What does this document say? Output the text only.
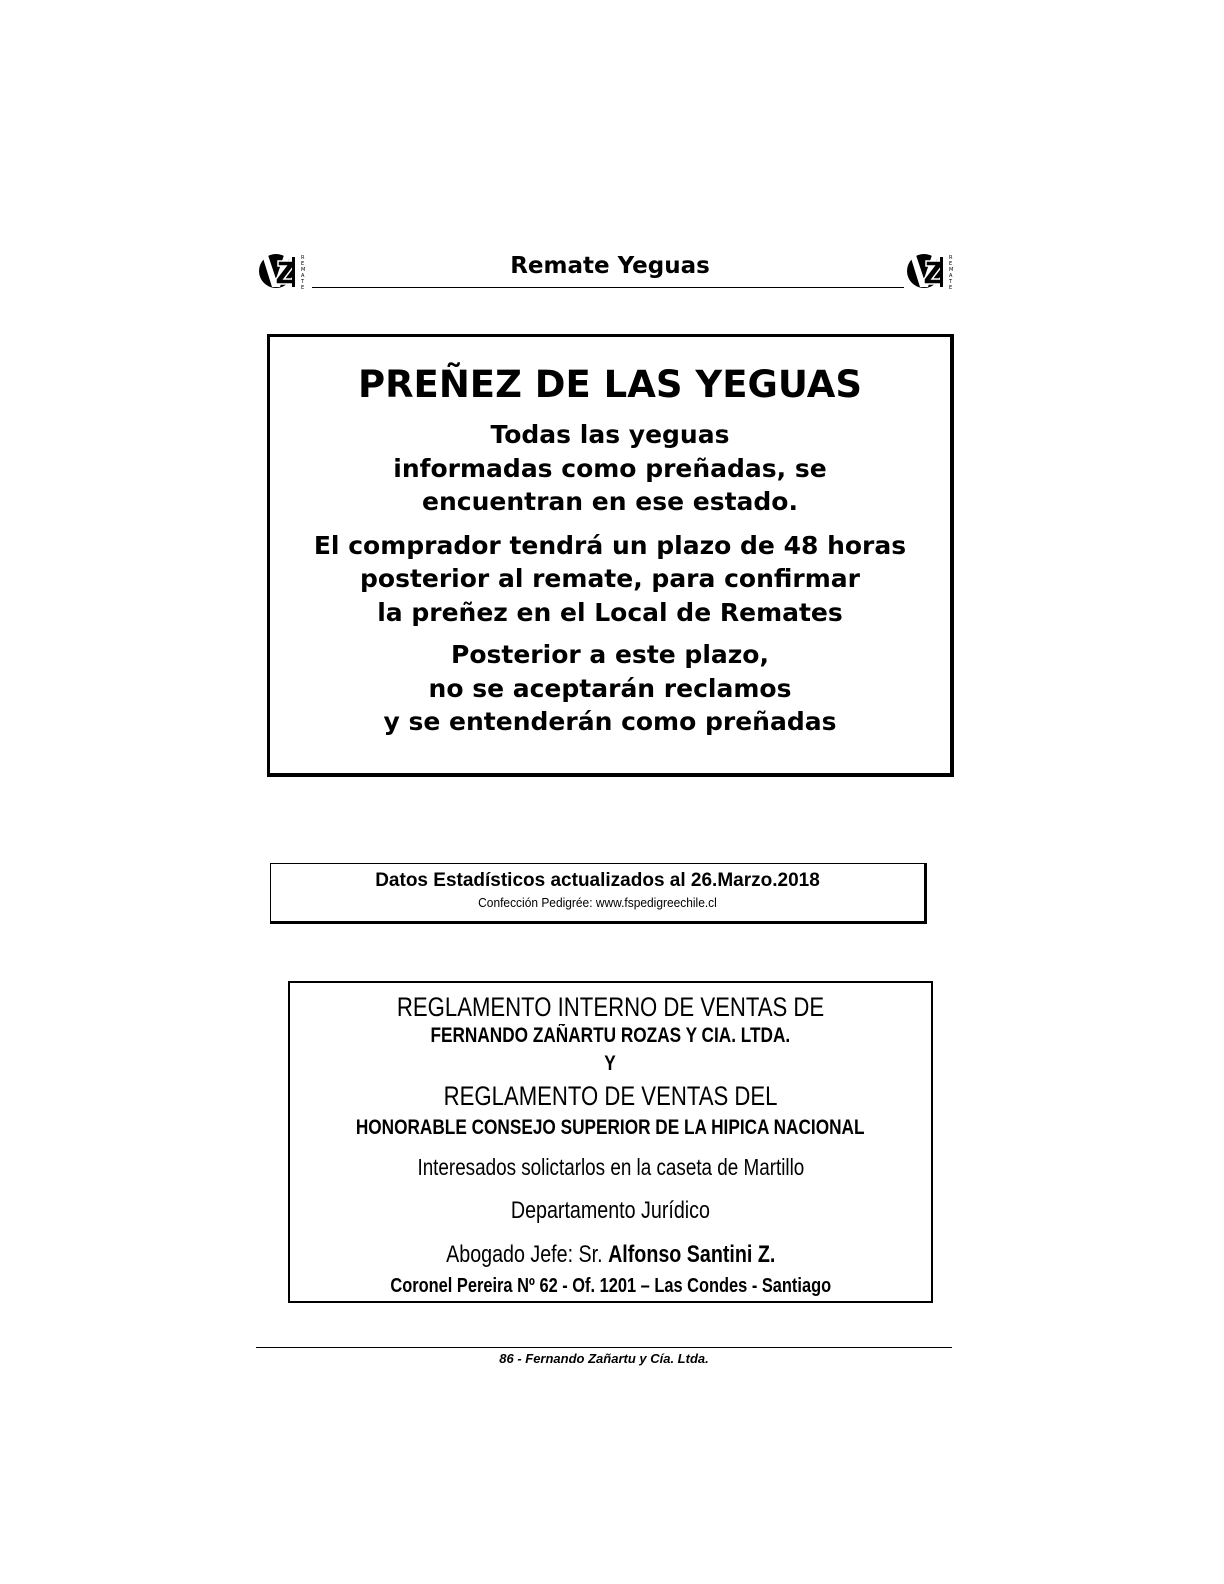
R
E
M
A
T
E
R
E
M
A
T
E
Remate Yeguas
PREÑEZ DE LAS YEGUAS
Todas las yeguas
informadas como preñadas, se
encuentran en ese estado.
El comprador tendrá un plazo de 48 horas
posterior al remate, para confirmar
la preñez en el Local de Remates
Posterior a este plazo,
no se aceptarán reclamos
y se entenderán como preñadas
Datos Estadísticos actualizados al 26.Marzo.2018
Confección Pedigrée: www.fspedigreechile.cl
REGLAMENTO INTERNO DE VENTAS DE
FERNANDO ZAÑARTU ROZAS Y CIA. LTDA.
Y
REGLAMENTO DE VENTAS DEL
HONORABLE CONSEJO SUPERIOR DE LA HIPICA NACIONAL
Interesados solictarlos en la caseta de Martillo
Departamento Jurídico
Abogado Jefe: Sr. Alfonso Santini Z.
Coronel Pereira Nº 62 - Of. 1201 – Las Condes - Santiago
86 - Fernando Zañartu y Cía. Ltda.
